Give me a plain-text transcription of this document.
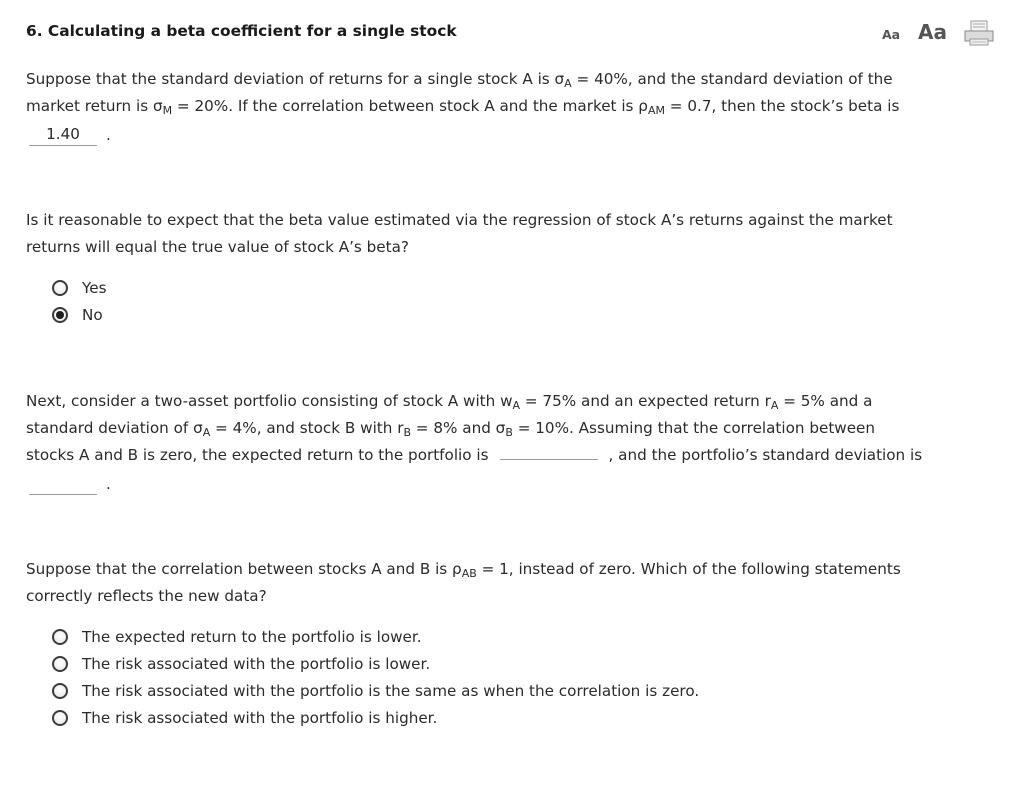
6. Calculating a beta coefficient for a single stock	Aa Aa
Suppose that the standard deviation of returns for a single stock A is $\sigma_A = 40\%$, and the standard deviation of the
market return is $\sigma_M = 20\%$. If the correlation between stock A and the market is $\rho_{AM} = 0.7$, then the stock’s beta is
1.40	.
Is it reasonable to expect that the beta value estimated via the regression of stock A’s returns against the market
returns will equal the true value of stock A’s beta?
Yes
No
Next, consider a two-asset portfolio consisting of stock A with $w_A = 75\%$ and an expected return $r_A = 5\%$ and a
standard deviation of $\sigma_A = 4\%$, and stock B with $r_B = 8\%$ and $\sigma_B = 10\%$. Assuming that the correlation between
stocks A and B is zero, the expected return to the portfolio is	, and the portfolio’s standard deviation is
.
Suppose that the correlation between stocks A and B is $\rho_{AB} = 1$, instead of zero. Which of the following statements
correctly reflects the new data?
The expected return to the portfolio is lower.
The risk associated with the portfolio is lower.
The risk associated with the portfolio is the same as when the correlation is zero.
The risk associated with the portfolio is higher.
